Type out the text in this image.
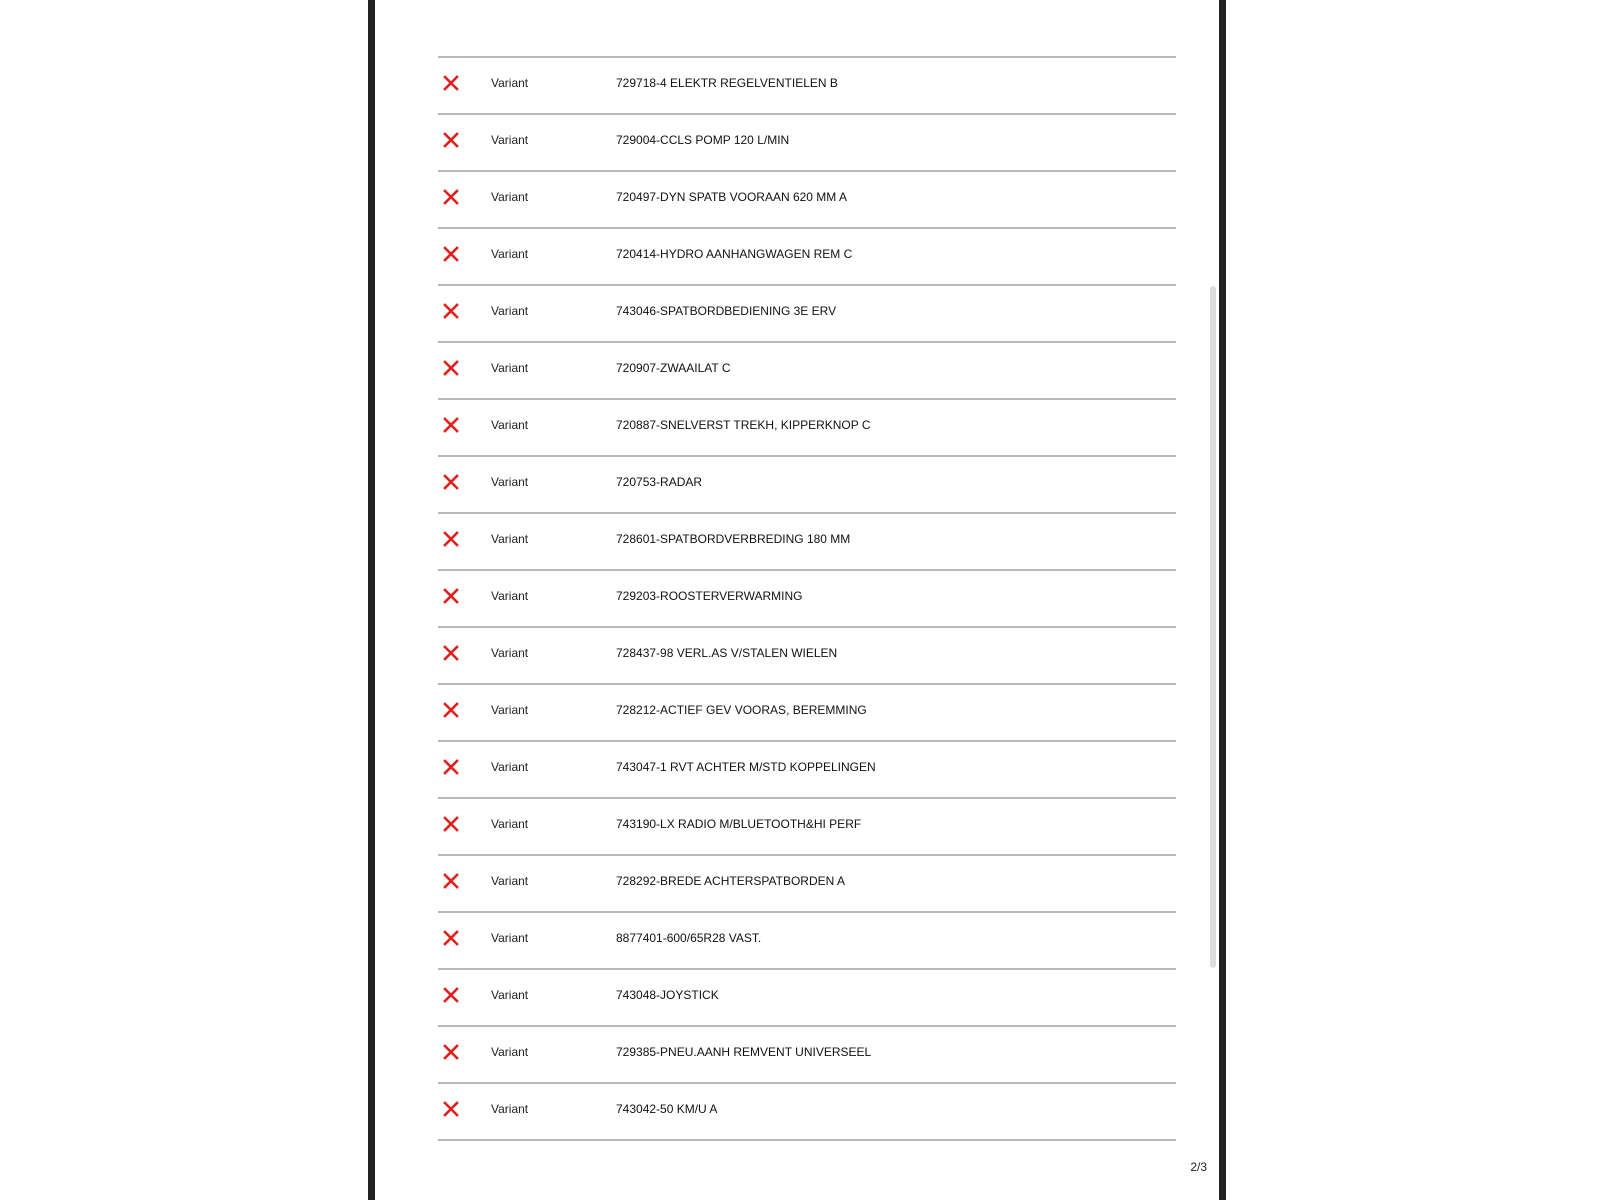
Variant	729718-4 ELEKTR REGELVENTIELEN B
Variant	729004-CCLS POMP 120 L/MIN
Variant	720497-DYN SPATB VOORAAN 620 MM A
Variant	720414-HYDRO AANHANGWAGEN REM C
Variant	743046-SPATBORDBEDIENING 3E ERV
Variant	720907-ZWAAILAT C
Variant	720887-SNELVERST TREKH, KIPPERKNOP C
Variant	720753-RADAR
Variant	728601-SPATBORDVERBREDING 180 MM
Variant	729203-ROOSTERVERWARMING
Variant	728437-98 VERL.AS V/STALEN WIELEN
Variant	728212-ACTIEF GEV VOORAS, BEREMMING
Variant	743047-1 RVT ACHTER M/STD KOPPELINGEN
Variant	743190-LX RADIO M/BLUETOOTH&HI PERF
Variant	728292-BREDE ACHTERSPATBORDEN A
Variant	8877401-600/65R28 VAST.
Variant	743048-JOYSTICK
Variant	729385-PNEU.AANH REMVENT UNIVERSEEL
Variant	743042-50 KM/U A
2/3
